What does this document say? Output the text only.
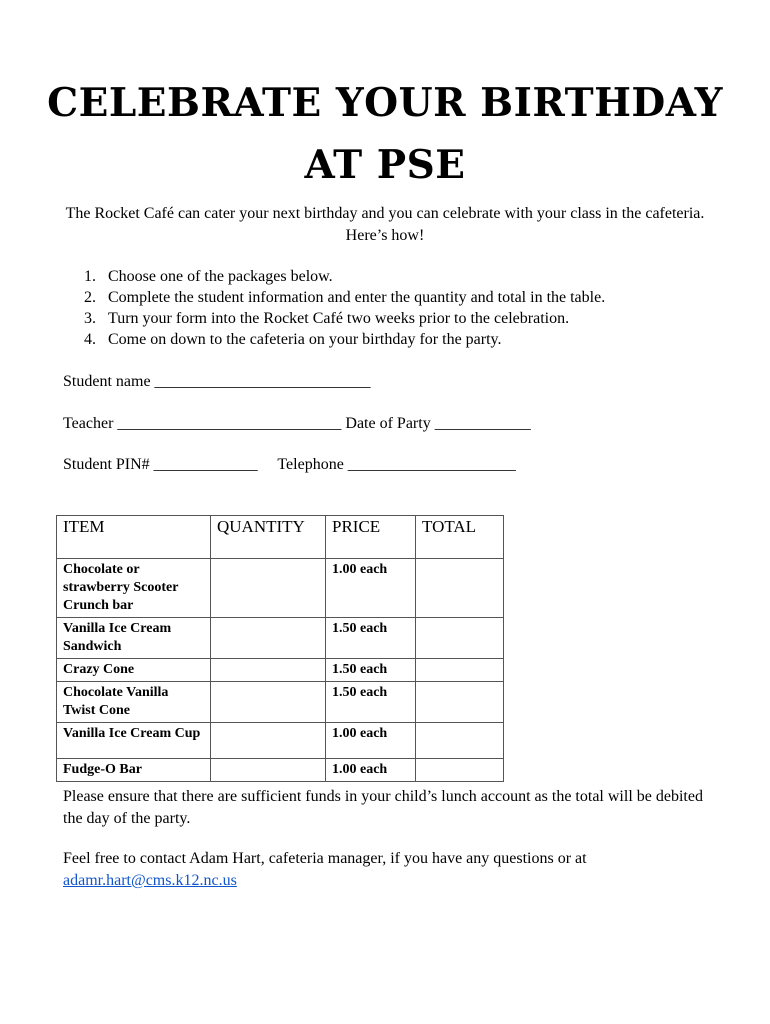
CELEBRATE YOUR BIRTHDAY
AT PSE
The Rocket Café can cater your next birthday and you can celebrate with your class in the cafeteria. Here’s how!
1. Choose one of the packages below.
2. Complete the student information and enter the quantity and total in the table.
3. Turn your form into the Rocket Café two weeks prior to the celebration.
4. Come on down to the cafeteria on your birthday for the party.
Student name ___________________________
Teacher ____________________________ Date of Party ____________
Student PIN# _____________     Telephone _____________________
ITEM	QUANTITY	PRICE	TOTAL
Chocolate or strawberry Scooter Crunch bar		1.00 each	
Vanilla Ice Cream Sandwich		1.50 each	
Crazy Cone		1.50 each	
Chocolate Vanilla Twist Cone		1.50 each	
Vanilla Ice Cream Cup		1.00 each	
Fudge-O Bar		1.00 each	
Please ensure that there are sufficient funds in your child’s lunch account as the total will be debited the day of the party.
Feel free to contact Adam Hart, cafeteria manager, if you have any questions or at
adamr.hart@cms.k12.nc.us
